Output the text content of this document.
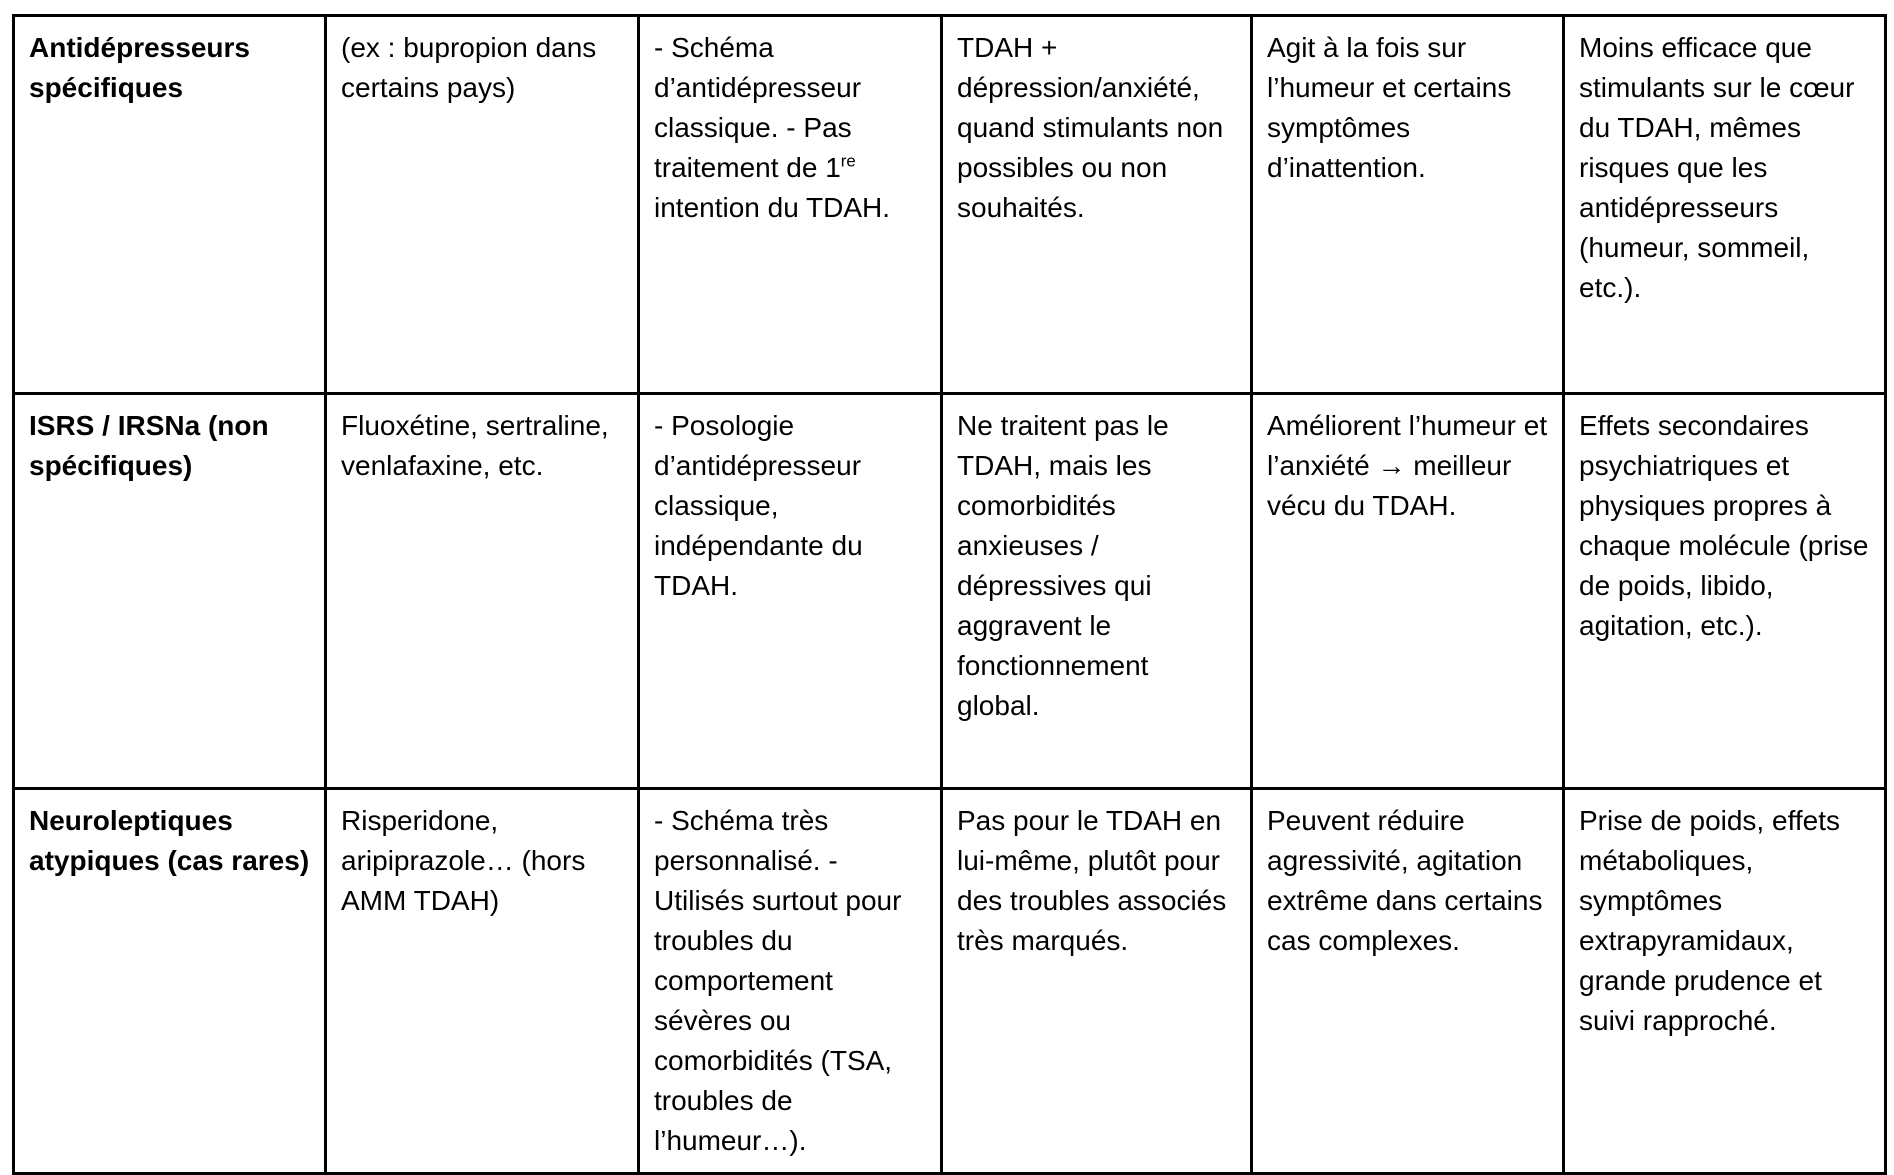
Antidépresseurs spécifiques	(ex : bupropion dans certains pays)	- Schéma d’antidépresseur classique. - Pas traitement de 1re intention du TDAH.	TDAH + dépression/anxiété, quand stimulants non possibles ou non souhaités.	Agit à la fois sur l’humeur et certains symptômes d’inattention.	Moins efficace que stimulants sur le cœur du TDAH, mêmes risques que les antidépresseurs (humeur, sommeil, etc.).
ISRS / IRSNa (non spécifiques)	Fluoxétine, sertraline, venlafaxine, etc.	- Posologie d’antidépresseur classique, indépendante du TDAH.	Ne traitent pas le TDAH, mais les comorbidités anxieuses / dépressives qui aggravent le fonctionnement global.	Améliorent l’humeur et l’anxiété → meilleur vécu du TDAH.	Effets secondaires psychiatriques et physiques propres à chaque molécule (prise de poids, libido, agitation, etc.).
Neuroleptiques atypiques (cas rares)	Risperidone, aripiprazole… (hors AMM TDAH)	- Schéma très personnalisé. - Utilisés surtout pour troubles du comportement sévères ou comorbidités (TSA, troubles de l’humeur…).	Pas pour le TDAH en lui-même, plutôt pour des troubles associés très marqués.	Peuvent réduire agressivité, agitation extrême dans certains cas complexes.	Prise de poids, effets métaboliques, symptômes extrapyramidaux, grande prudence et suivi rapproché.
